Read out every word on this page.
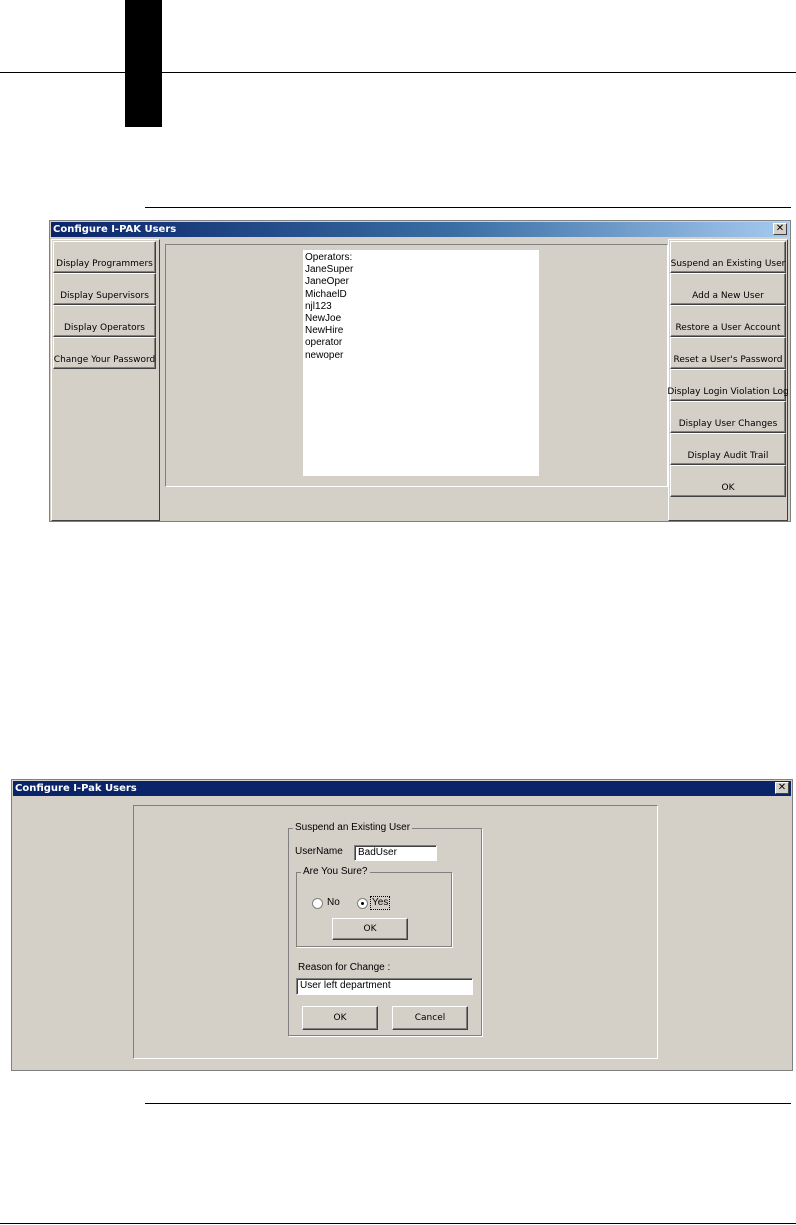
Configure I-PAK Users	✕
Display Programmers
Display Supervisors
Display Operators
Change Your Password
Operators:
JaneSuper
JaneOper
MichaelD
njl123
NewJoe
NewHire
operator
newoper
Suspend an Existing User
Add a New User
Restore a User Account
Reset a User's Password
Display Login Violation Log
Display User Changes
Display Audit Trail
OK
Configure I-Pak Users	✕
Suspend an Existing User
UserName	BadUser
Are You Sure?
No	Yes
OK
Reason for Change :
User left department
OK	Cancel
